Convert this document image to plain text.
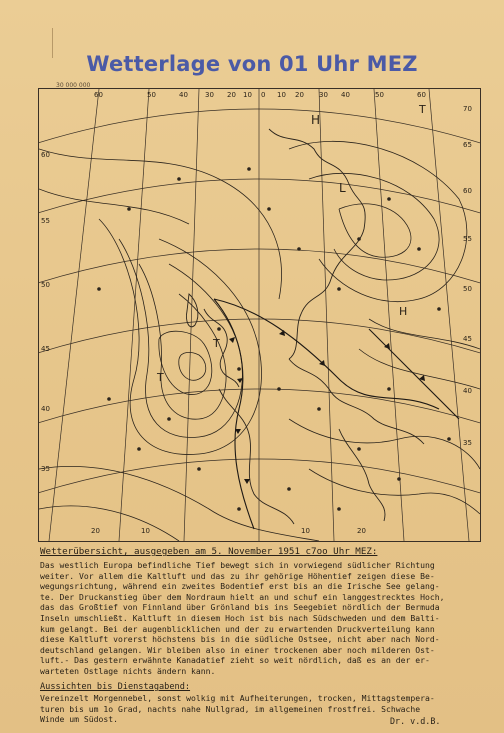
Wetterlage von 01 Uhr MEZ
30 000 000
60	50	40 30 20 10 0 10 20 30 40	50	60
60
55
50
45
40
35
70
65
60
55
50
45
40
35
20	10	10	20
L
H
T
T
T
H
Wetterübersicht, ausgegeben am 5. November 1951 c7oo Uhr MEZ:
Das westlich Europa befindliche Tief bewegt sich in vorwiegend südlicher Richtung
weiter. Vor allem die Kaltluft und das zu ihr gehörige Höhentief zeigen diese Be-
wegungsrichtung, während ein zweites Bodentief erst bis an die Irische See gelang-
te. Der Druckanstieg über dem Nordraum hielt an und schuf ein langgestrecktes Hoch,
das das Großtief von Finnland über Grönland bis ins Seegebiet nördlich der Bermuda
Inseln umschließt. Kaltluft in diesem Hoch ist bis nach Südschweden und dem Balti-
kum gelangt. Bei der augenblicklichen und der zu erwartenden Druckverteilung kann
diese Kaltluft vorerst höchstens bis in die südliche Ostsee, nicht aber nach Nord-
deutschland gelangen. Wir bleiben also in einer trockenen aber noch milderen Ost-
luft.- Das gestern erwähnte Kanadatief zieht so weit nördlich, daß es an der er-
warteten Ostlage nichts ändern kann.
Aussichten bis Dienstagabend:
Vereinzelt Morgennebel, sonst wolkig mit Aufheiterungen, trocken, Mittagstempera-
turen bis um 1o Grad, nachts nahe Nullgrad, im allgemeinen frostfrei. Schwache
Winde um Südost.	Dr. v.d.B.
